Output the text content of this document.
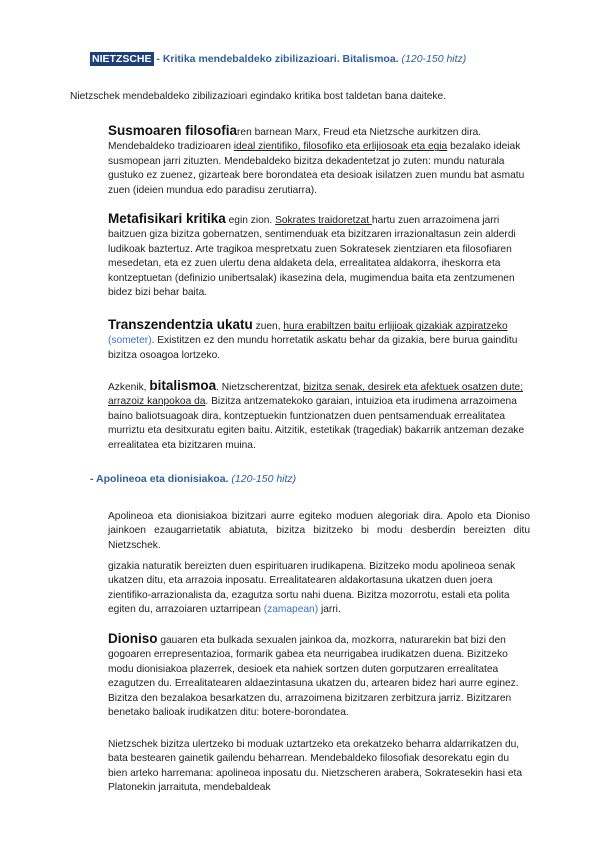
NIETZSCHE - Kritika mendebaldeko zibilizazioari. Bitalismoa. (120-150 hitz)
Nietzschek mendebaldeko zibilizazioari egindako kritika bost taldetan bana daiteke.
Susmoaren filosofiaren barnean Marx, Freud eta Nietzsche aurkitzen dira. Mendebaldeko tradizioaren ideal zientifiko, filosofiko eta erlijiosoak eta egia bezalako ideiak susmopean jarri zituzten. Mendebaldeko bizitza dekadentetzat jo zuten: mundu naturala gustuko ez zuenez, gizarteak bere borondatea eta desioak isilatzen zuen mundu bat asmatu zuen (ideien mundua edo paradisu zerutiarra).
Metafisikari kritika egin zion. Sokrates traidoretzat hartu zuen arrazoimena jarri baitzuen giza bizitza gobernatzen, sentimenduak eta bizitzaren irrazionaltasun zein alderdi ludikoak baztertuz. Arte tragikoa mespretxatu zuen Sokratesek zientziaren eta filosofiaren mesedetan, eta ez zuen ulertu dena aldaketa dela, errealitatea aldakorra, iheskorra eta kontzeptuetan (definizio unibertsalak) ikasezina dela, mugimendua baita eta zentzumenen bidez bizi behar baita.
Transzendentzia ukatu zuen, hura erabiltzen baitu erlijioak gizakiak azpiratzeko (someter). Existitzen ez den mundu horretatik askatu behar da gizakia, bere burua gainditu bizitza osoagoa lortzeko.
Azkenik, bitalismoa. Nietzscherentzat, bizitza senak, desirek eta afektuek osatzen dute; arrazoiz kanpokoa da. Bizitza antzematekoko garaian, intuizioa eta irudimena arrazoimena baino baliotsuagoak dira, kontzeptuekin funtzionatzen duen pentsamenduak errealitatea murriztu eta desitxuratu egiten baitu. Aitzitik, estetikak (tragediak) bakarrik antzeman dezake errealitatea eta bizitzaren muina.
- Apolineoa eta dionisiakoa. (120-150 hitz)
Apolineoa eta dionisiakoa bizitzari aurre egiteko moduen alegoriak dira. Apolo eta Dioniso jainkoen ezaugarrietatik abiatuta, bizitza bizitzeko bi modu desberdin bereizten ditu Nietzschek.
gizakia naturatik bereizten duen espirituaren irudikapena. Bizitzeko modu apolineoa senak ukatzen ditu, eta arrazoia inposatu. Errealitatearen aldakortasuna ukatzen duen joera zientifiko-arrazionalista da, ezagutza sortu nahi duena. Bizitza mozorrotu, estali eta polita egiten du, arrazoiaren uztarripean (zamapean) jarri.
Dioniso gauaren eta bulkada sexualen jainkoa da, mozkorra, naturarekin bat bizi den gogoaren errepresentazioa, formarik gabea eta neurrigabea irudikatzen duena. Bizitzeko modu dionisiakoa plazerrek, desioek eta nahiek sortzen duten gorputzaren errealitatea ezagutzen du. Errealitatearen aldaezintasuna ukatzen du, artearen bidez hari aurre eginez. Bizitza den bezalakoa besarkatzen du, arrazoimena bizitzaren zerbitzura jarriz. Bizitzaren benetako balioak irudikatzen ditu: botere-borondatea.
Nietzschek bizitza ulertzeko bi moduak uztartzeko eta orekatzeko beharra aldarrikatzen du, bata bestearen gainetik gailendu beharrean. Mendebaldeko filosofiak desorekatu egin du bien arteko harremana: apolineoa inposatu du. Nietzscheren arabera, Sokratesekin hasi eta Platonekin jarraituta, mendebaldeak
